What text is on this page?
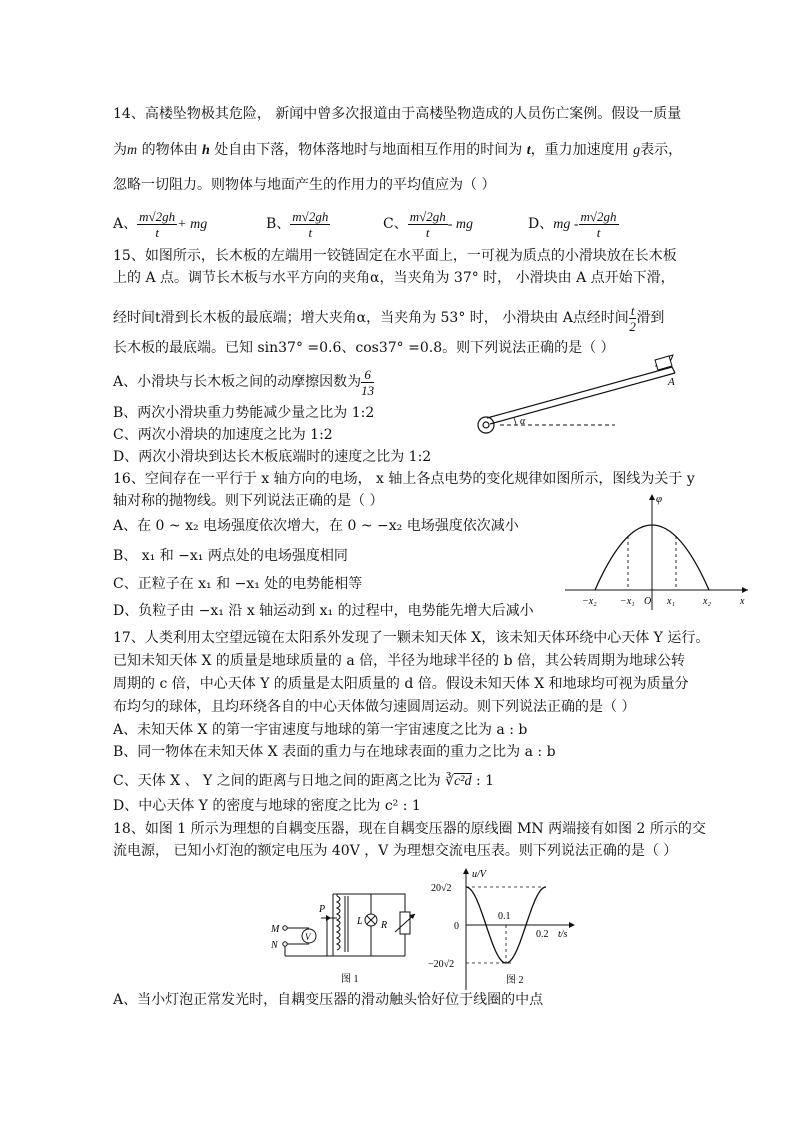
14、高楼坠物极其危险， 新闻中曾多次报道由于高楼坠物造成的人员伤亡案例。假设一质量
为m 的物体由 h 处自由下落，物体落地时与地面相互作用的时间为 t，重力加速度用 g表示，
忽略一切阻力。则物体与地面产生的作用力的平均值应为（ ）
A、 $\frac{m√2gh}{t}$ + mg	B、 $\frac{m√2gh}{t}$	C、 $\frac{m√2gh}{t}$ - mg	D、mg - $\frac{m√2gh}{t}$
15、如图所示，长木板的左端用一铰链固定在水平面上，一可视为质点的小滑块放在长木板
上的 A 点。调节长木板与水平方向的夹角α，当夹角为 37° 时， 小滑块由 A 点开始下滑，
经时间t滑到长木板的最底端；增大夹角α，当夹角为 53° 时， 小滑块由 A点经时间 $\frac{t}{2}$ 滑到
长木板的最底端。已知 sin37° =0.6、cos37° =0.8。则下列说法正确的是（ ）
A、小滑块与长木板之间的动摩擦因数为 $\frac{6}{13}$
B、两次小滑块重力势能减少量之比为 1:2
C、两次小滑块的加速度之比为 1:2
D、两次小滑块到达长木板底端时的速度之比为 1:2
α
A
16、空间存在一平行于 x 轴方向的电场， x 轴上各点电势的变化规律如图所示，图线为关于 y
轴对称的抛物线。则下列说法正确的是（ ）
A、在 0 ~ x₂ 电场强度依次增大，在 0 ~ −x₂ 电场强度依次减小
B、 x₁ 和 −x₁ 两点处的电场强度相同
C、正粒子在 x₁ 和 −x₁ 处的电势能相等
D、负粒子由 −x₁ 沿 x 轴运动到 x₁ 的过程中，电势能先增大后减小
φ
−x₂ −x₁ O x₁	x₂	x
17、人类利用太空望远镜在太阳系外发现了一颗未知天体 X，该未知天体环绕中心天体 Y 运行。
已知未知天体 X 的质量是地球质量的 a 倍，半径为地球半径的 b 倍，其公转周期为地球公转
周期的 c 倍，中心天体 Y 的质量是太阳质量的 d 倍。假设未知天体 X 和地球均可视为质量分
布均匀的球体，且均环绕各自的中心天体做匀速圆周运动。则下列说法正确的是（ ）
A、未知天体 X 的第一宇宙速度与地球的第一宇宙速度之比为 a : b
B、同一物体在未知天体 X 表面的重力与在地球表面的重力之比为 a : b
C、天体 X 、 Y 之间的距离与日地之间的距离之比为 ∛c²d : 1
D、中心天体 Y 的密度与地球的密度之比为 c² : 1
18、如图 1 所示为理想的自耦变压器，现在自耦变压器的原线圈 MN 两端接有如图 2 所示的交
流电源， 已知小灯泡的额定电压为 40V ，V 为理想交流电压表。则下列说法正确的是（ ）
M
N
V
P
L R
图 1
u/V
20√2
−20√2
0
0.1
0.2 t/s
图 2
A、当小灯泡正常发光时，自耦变压器的滑动触头恰好位于线圈的中点
